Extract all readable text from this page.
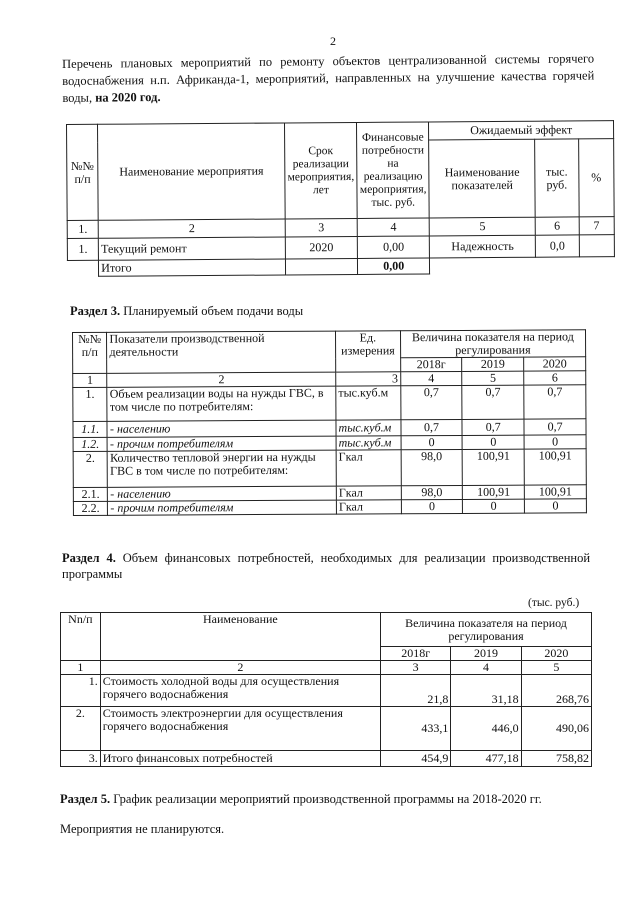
2
Перечень плановых мероприятий по ремонту объектов централизованной системы горячего водоснабжения н.п. Африканда-1, мероприятий, направленных на улучшение качества горячей воды, на 2020 год.
№№ п/п	Наименование мероприятия	Срок реализации мероприятия, лет	Финансовые потребности на реализацию мероприятия, тыс. руб.	Ожидаемый эффект		
				Наименование показателей	тыс. руб.	%
1.	2	3	4	5	6	7
1.	Текущий ремонт	2020	0,00	Надежность	0,0	
	Итого		0,00			
Раздел 3. Планируемый объем подачи воды
№№ п/п	Показатели производственной деятельности	Ед. измерения	Величина показателя на период регулирования		
			2018г	2019	2020
1	2	3	4	5	6
1.	Объем реализации воды на нужды ГВС, в том числе по потребителям:	тыс.куб.м	0,7	0,7	0,7
1.1.	- населению	тыс.куб.м	0,7	0,7	0,7
1.2.	- прочим потребителям	тыс.куб.м	0	0	0
2.	Количество тепловой энергии на нужды ГВС в том числе по потребителям:	Гкал	98,0	100,91	100,91
2.1.	- населению	Гкал	98,0	100,91	100,91
2.2.	- прочим потребителям	Гкал	0	0	0
Раздел 4. Объем финансовых потребностей, необходимых для реализации производственной программы
(тыс. руб.)
Nn/п	Наименование	Величина показателя на период регулирования		
		2018г	2019	2020
1	2	3	4	5
1.	Стоимость холодной воды для осуществления горячего водоснабжения	21,8	31,18	268,76
2.	Стоимость электроэнергии для осуществления горячего водоснабжения	433,1	446,0	490,06
3.	Итого финансовых потребностей	454,9	477,18	758,82
Раздел 5. График реализации мероприятий производственной программы на 2018-2020 гг.
Мероприятия не планируются.
